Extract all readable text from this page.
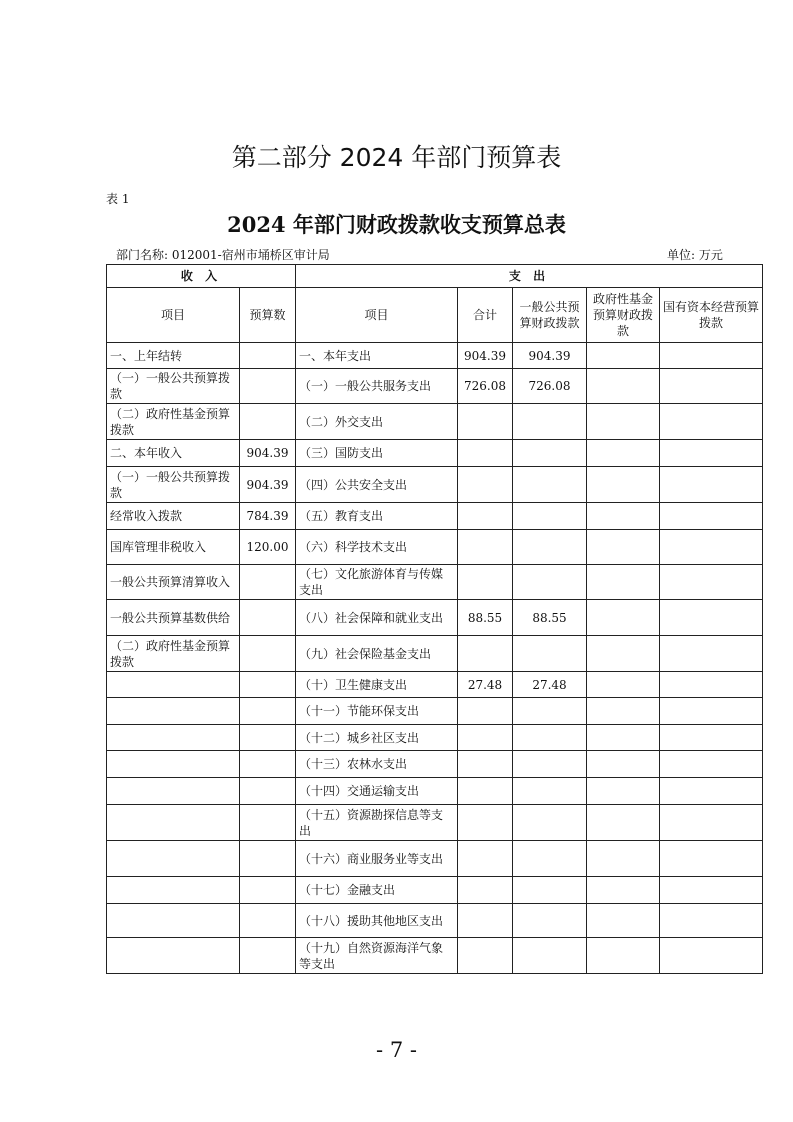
第二部分 2024 年部门预算表
表 1
2024 年部门财政拨款收支预算总表
部门名称: 012001-宿州市埇桥区审计局	单位: 万元
收 入		支 出				
项目	预算数	项目	合计	一般公共预算财政拨款	政府性基金预算财政拨款	国有资本经营预算拨款
一、上年结转		一、本年支出	904.39	904.39		
（一）一般公共预算拨款		（一）一般公共服务支出	726.08	726.08		
（二）政府性基金预算拨款		（二）外交支出				
二、本年收入	904.39	（三）国防支出				
（一）一般公共预算拨款	904.39	（四）公共安全支出				
经常收入拨款	784.39	（五）教育支出				
国库管理非税收入	120.00	（六）科学技术支出				
一般公共预算清算收入		（七）文化旅游体育与传媒支出				
一般公共预算基数供给		（八）社会保障和就业支出	88.55	88.55		
（二）政府性基金预算拨款		（九）社会保险基金支出				
		（十）卫生健康支出	27.48	27.48		
		（十一）节能环保支出				
		（十二）城乡社区支出				
		（十三）农林水支出				
		（十四）交通运输支出				
		（十五）资源勘探信息等支出				
		（十六）商业服务业等支出				
		（十七）金融支出				
		（十八）援助其他地区支出				
		（十九）自然资源海洋气象等支出				
- 7 -
